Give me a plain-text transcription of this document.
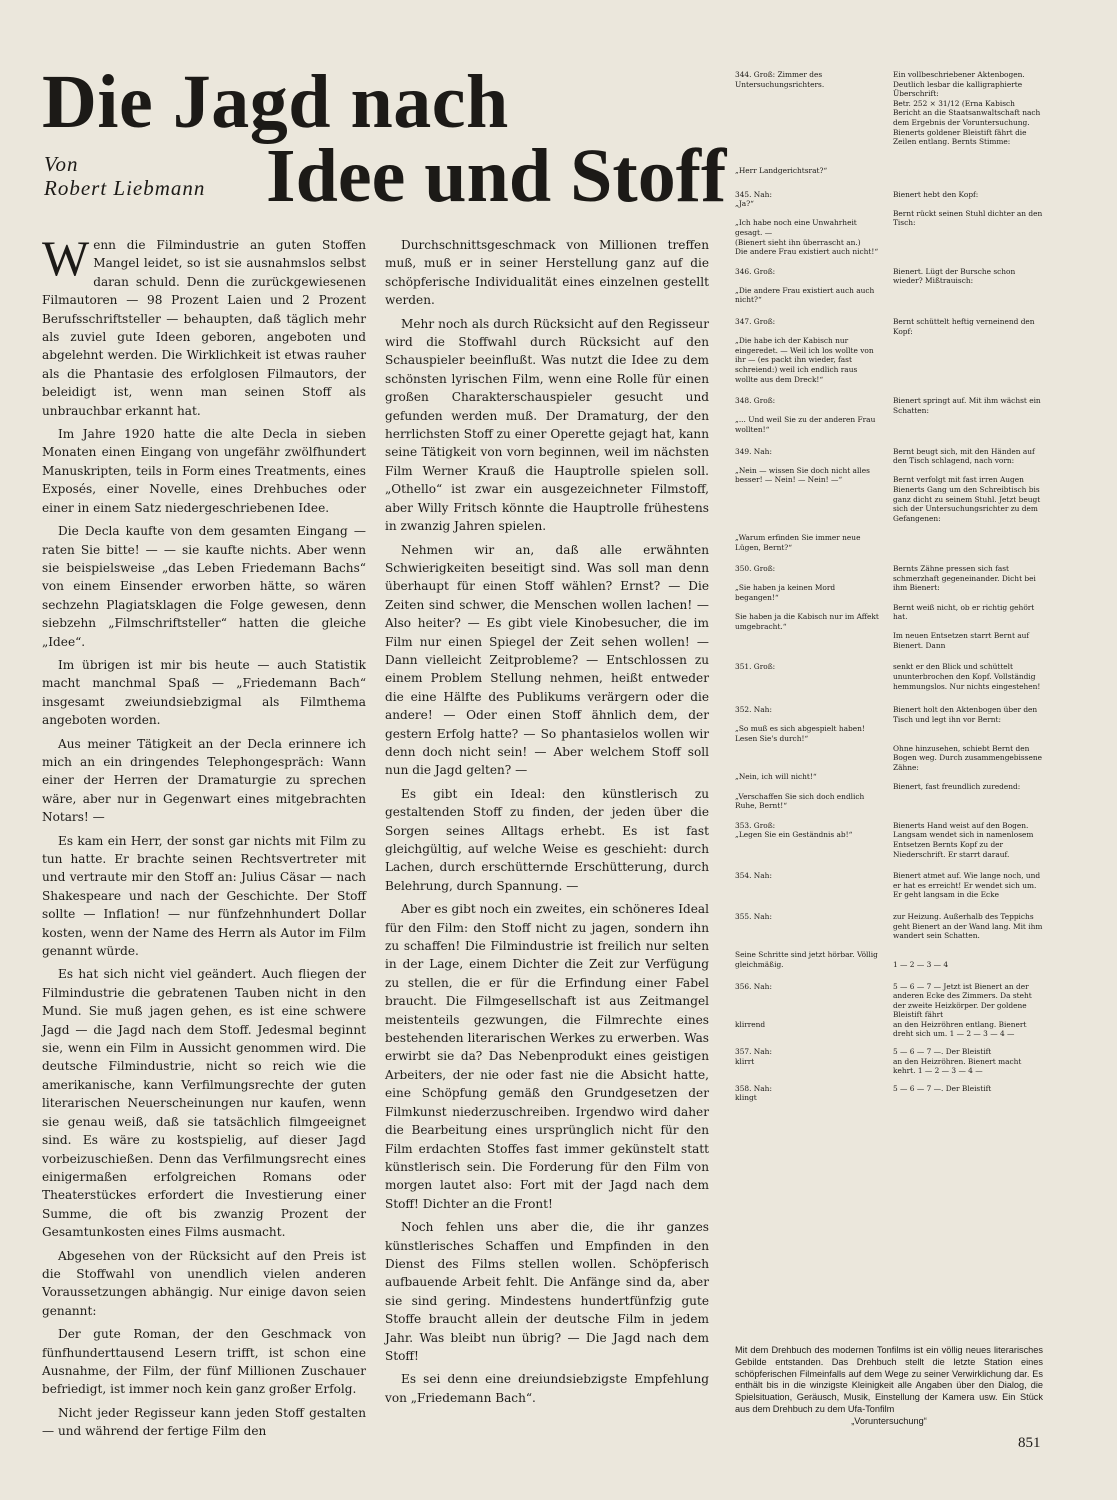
Die Jagd nach
Von
Robert Liebmann Idee und Stoff

Wenn die Filmindustrie an guten Stoffen Mangel leidet, so ist sie ausnahmslos selbst daran schuld. Denn die zurückgewiesenen Filmautoren — 98 Prozent Laien und 2 Prozent Berufsschriftsteller — behaupten, daß täglich mehr als zuviel gute Ideen geboren, angeboten und abgelehnt werden. Die Wirklichkeit ist etwas rauher als die Phantasie des erfolglosen Filmautors, der beleidigt ist, wenn man seinen Stoff als unbrauchbar erkannt hat.

Im Jahre 1920 hatte die alte Decla in sieben Monaten einen Eingang von ungefähr zwölfhundert Manuskripten, teils in Form eines Treatments, eines Exposés, einer Novelle, eines Drehbuches oder einer in einem Satz niedergeschriebenen Idee.

Die Decla kaufte von dem gesamten Eingang — raten Sie bitte! — — sie kaufte nichts. Aber wenn sie beispielsweise „das Leben Friedemann Bachs“ von einem Einsender erworben hätte, so wären sechzehn Plagiatsklagen die Folge gewesen, denn siebzehn „Filmschriftsteller“ hatten die gleiche „Idee“.

Im übrigen ist mir bis heute — auch Statistik macht manchmal Spaß — „Friedemann Bach“ insgesamt zweiundsiebzigmal als Filmthema angeboten worden.

Aus meiner Tätigkeit an der Decla erinnere ich mich an ein dringendes Telephongespräch: Wann einer der Herren der Dramaturgie zu sprechen wäre, aber nur in Gegenwart eines mitgebrachten Notars! —

Es kam ein Herr, der sonst gar nichts mit Film zu tun hatte. Er brachte seinen Rechtsvertreter mit und vertraute mir den Stoff an: Julius Cäsar — nach Shakespeare und nach der Geschichte. Der Stoff sollte — Inflation! — nur fünfzehnhundert Dollar kosten, wenn der Name des Herrn als Autor im Film genannt würde.

Es hat sich nicht viel geändert. Auch fliegen der Filmindustrie die gebratenen Tauben nicht in den Mund. Sie muß jagen gehen, es ist eine schwere Jagd — die Jagd nach dem Stoff. Jedesmal beginnt sie, wenn ein Film in Aussicht genommen wird. Die deutsche Filmindustrie, nicht so reich wie die amerikanische, kann Verfilmungsrechte der guten literarischen Neuerscheinungen nur kaufen, wenn sie genau weiß, daß sie tatsächlich filmgeeignet sind. Es wäre zu kostspielig, auf dieser Jagd vorbeizuschießen. Denn das Verfilmungsrecht eines einigermaßen erfolgreichen Romans oder Theaterstückes erfordert die Investierung einer Summe, die oft bis zwanzig Prozent der Gesamtunkosten eines Films ausmacht.

Abgesehen von der Rücksicht auf den Preis ist die Stoffwahl von unendlich vielen anderen Voraussetzungen abhängig. Nur einige davon seien genannt:

Der gute Roman, der den Geschmack von fünfhunderttausend Lesern trifft, ist schon eine Ausnahme, der Film, der fünf Millionen Zuschauer befriedigt, ist immer noch kein ganz großer Erfolg.

Nicht jeder Regisseur kann jeden Stoff gestalten — und während der fertige Film den

Durchschnittsgeschmack von Millionen treffen muß, muß er in seiner Herstellung ganz auf die schöpferische Individualität eines einzelnen gestellt werden.

Mehr noch als durch Rücksicht auf den Regisseur wird die Stoffwahl durch Rücksicht auf den Schauspieler beeinflußt. Was nutzt die Idee zu dem schönsten lyrischen Film, wenn eine Rolle für einen großen Charakterschauspieler gesucht und gefunden werden muß. Der Dramaturg, der den herrlichsten Stoff zu einer Operette gejagt hat, kann seine Tätigkeit von vorn beginnen, weil im nächsten Film Werner Krauß die Hauptrolle spielen soll. „Othello“ ist zwar ein ausgezeichneter Filmstoff, aber Willy Fritsch könnte die Hauptrolle frühestens in zwanzig Jahren spielen.

Nehmen wir an, daß alle erwähnten Schwierigkeiten beseitigt sind. Was soll man denn überhaupt für einen Stoff wählen? Ernst? — Die Zeiten sind schwer, die Menschen wollen lachen! — Also heiter? — Es gibt viele Kinobesucher, die im Film nur einen Spiegel der Zeit sehen wollen! — Dann vielleicht Zeitprobleme? — Entschlossen zu einem Problem Stellung nehmen, heißt entweder die eine Hälfte des Publikums verärgern oder die andere! — Oder einen Stoff ähnlich dem, der gestern Erfolg hatte? — So phantasielos wollen wir denn doch nicht sein! — Aber welchem Stoff soll nun die Jagd gelten? —

Es gibt ein Ideal: den künstlerisch zu gestaltenden Stoff zu finden, der jeden über die Sorgen seines Alltags erhebt. Es ist fast gleichgültig, auf welche Weise es geschieht: durch Lachen, durch erschütternde Erschütterung, durch Belehrung, durch Spannung. —

Aber es gibt noch ein zweites, ein schöneres Ideal für den Film: den Stoff nicht zu jagen, sondern ihn zu schaffen! Die Filmindustrie ist freilich nur selten in der Lage, einem Dichter die Zeit zur Verfügung zu stellen, die er für die Erfindung einer Fabel braucht. Die Filmgesellschaft ist aus Zeitmangel meistenteils gezwungen, die Filmrechte eines bestehenden literarischen Werkes zu erwerben. Was erwirbt sie da? Das Nebenprodukt eines geistigen Arbeiters, der nie oder fast nie die Absicht hatte, eine Schöpfung gemäß den Grundgesetzen der Filmkunst niederzuschreiben. Irgendwo wird daher die Bearbeitung eines ursprünglich nicht für den Film erdachten Stoffes fast immer gekünstelt statt künstlerisch sein. Die Forderung für den Film von morgen lautet also: Fort mit der Jagd nach dem Stoff! Dichter an die Front!

Noch fehlen uns aber die, die ihr ganzes künstlerisches Schaffen und Empfinden in den Dienst des Films stellen wollen. Schöpferisch aufbauende Arbeit fehlt. Die Anfänge sind da, aber sie sind gering. Mindestens hundertfünfzig gute Stoffe braucht allein der deutsche Film in jedem Jahr. Was bleibt nun übrig? — Die Jagd nach dem Stoff!

Es sei denn eine dreiundsiebzigste Empfehlung von „Friedemann Bach“.

344. Groß: Zimmer des Untersuchungsrichters.

„Herr Landgerichtsrat?“
Ein vollbeschriebener Aktenbogen. Deutlich lesbar die kalligraphierte Überschrift:
Betr. 252 × 31/12 (Erna Kabisch Bericht an die Staatsanwaltschaft nach dem Ergebnis der Voruntersuchung.
Bienerts goldener Bleistift fährt die Zeilen entlang. Bernts Stimme:
345. Nah:
„Ja?“

„Ich habe noch eine Unwahrheit gesagt. —
(Bienert sieht ihn überrascht an.)
Die andere Frau existiert auch nicht!“
Bienert hebt den Kopf:

Bernt rückt seinen Stuhl dichter an den Tisch:
346. Groß:

„Die andere Frau existiert auch auch nicht?“
Bienert. Lügt der Bursche schon wieder? Mißtrauisch:
347. Groß:

„Die habe ich der Kabisch nur eingeredet. — Weil ich los wollte von ihr — (es packt ihn wieder, fast schreiend:) weil ich endlich raus wollte aus dem Dreck!“
Bernt schüttelt heftig verneinend den Kopf:
348. Groß:

„... Und weil Sie zu der anderen Frau wollten!“
Bienert springt auf. Mit ihm wächst ein Schatten:
349. Nah:

„Nein — wissen Sie doch nicht alles besser! — Nein! — Nein! —“

„Warum erfinden Sie immer neue Lügen, Bernt?“
Bernt beugt sich, mit den Händen auf den Tisch schlagend, nach vorn:

Bernt verfolgt mit fast irren Augen Bienerts Gang um den Schreibtisch bis ganz dicht zu seinem Stuhl. Jetzt beugt sich der Untersuchungsrichter zu dem Gefangenen:
350. Groß:

„Sie haben ja keinen Mord begangen!“

Sie haben ja die Kabisch nur im Affekt umgebracht.“
Bernts Zähne pressen sich fast schmerzhaft gegeneinander. Dicht bei ihm Bienert:

Bernt weiß nicht, ob er richtig gehört hat.

Im neuen Entsetzen starrt Bernt auf Bienert. Dann
351. Groß:	senkt er den Blick und schüttelt ununterbrochen den Kopf. Vollständig hemmungslos. Nur nichts eingestehen!
352. Nah:

„So muß es sich abgespielt haben! Lesen Sie's durch!“

„Nein, ich will nicht!“

„Verschaffen Sie sich doch endlich Ruhe, Bernt!“
Bienert holt den Aktenbogen über den Tisch und legt ihn vor Bernt:

Ohne hinzusehen, schiebt Bernt den Bogen weg. Durch zusammengebissene Zähne:

Bienert, fast freundlich zuredend:
353. Groß:
„Legen Sie ein Geständnis ab!“
Bienerts Hand weist auf den Bogen. Langsam wendet sich in namenlosem Entsetzen Bernts Kopf zu der Niederschrift. Er starrt darauf.
354. Nah:	Bienert atmet auf. Wie lange noch, und er hat es erreicht! Er wendet sich um. Er geht langsam in die Ecke
355. Nah:

Seine Schritte sind jetzt hörbar. Völlig gleichmäßig.
zur Heizung. Außerhalb des Teppichs geht Bienert an der Wand lang. Mit ihm wandert sein Schatten.

1 — 2 — 3 — 4
356. Nah:

klirrend
5 — 6 — 7 — Jetzt ist Bienert an der anderen Ecke des Zimmers. Da steht der zweite Heizkörper. Der goldene Bleistift fährt
an den Heizröhren entlang. Bienert dreht sich um. 1 — 2 — 3 — 4 —
357. Nah:
klirrt
5 — 6 — 7 —. Der Bleistift
an den Heizröhren. Bienert macht kehrt. 1 — 2 — 3 — 4 —
358. Nah:
klingt
5 — 6 — 7 —. Der Bleistift
Mit dem Drehbuch des modernen Tonfilms ist ein völlig neues literarisches Gebilde entstanden. Das Drehbuch stellt die letzte Station eines schöpferischen Filmeinfalls auf dem Wege zu seiner Verwirklichung dar. Es enthält bis in die winzigste Kleinigkeit alle Angaben über den Dialog, die Spielsituation, Geräusch, Musik, Einstellung der Kamera usw. Ein Stück aus dem Drehbuch zu dem Ufa-Tonfilm
„Voruntersuchung“
851
